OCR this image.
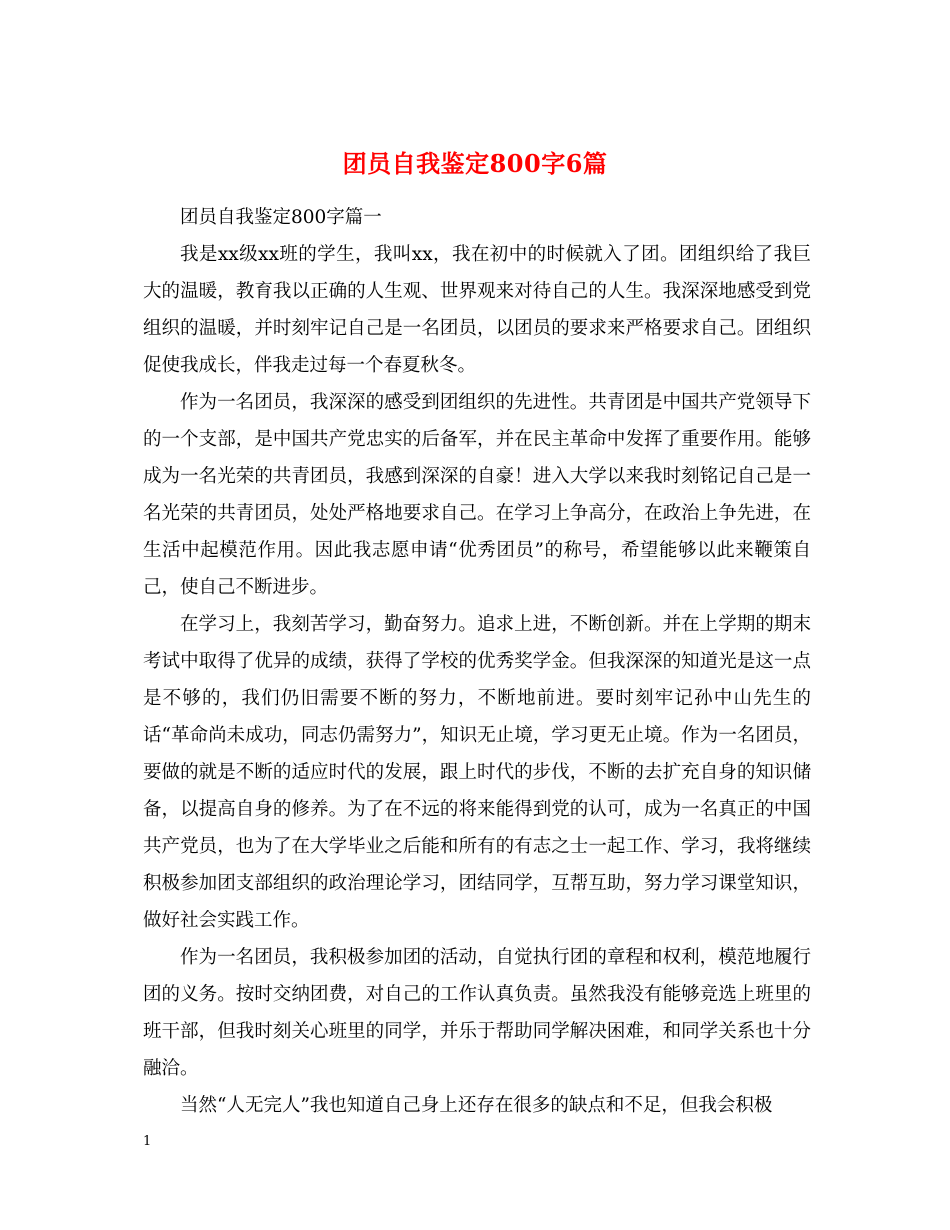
团员自我鉴定800字6篇

团员自我鉴定800字篇一

我是xx级xx班的学生，我叫xx，我在初中的时候就入了团。团组织给了我巨大的温暖，教育我以正确的人生观、世界观来对待自己的人生。我深深地感受到党组织的温暖，并时刻牢记自己是一名团员，以团员的要求来严格要求自己。团组织促使我成长，伴我走过每一个春夏秋冬。

作为一名团员，我深深的感受到团组织的先进性。共青团是中国共产党领导下的一个支部，是中国共产党忠实的后备军，并在民主革命中发挥了重要作用。能够成为一名光荣的共青团员，我感到深深的自豪！进入大学以来我时刻铭记自己是一名光荣的共青团员，处处严格地要求自己。在学习上争高分，在政治上争先进，在生活中起模范作用。因此我志愿申请“优秀团员”的称号，希望能够以此来鞭策自己，使自己不断进步。

在学习上，我刻苦学习，勤奋努力。追求上进，不断创新。并在上学期的期末考试中取得了优异的成绩，获得了学校的优秀奖学金。但我深深的知道光是这一点是不够的，我们仍旧需要不断的努力，不断地前进。要时刻牢记孙中山先生的话“革命尚未成功，同志仍需努力”，知识无止境，学习更无止境。作为一名团员，要做的就是不断的适应时代的发展，跟上时代的步伐，不断的去扩充自身的知识储备，以提高自身的修养。为了在不远的将来能得到党的认可，成为一名真正的中国共产党员，也为了在大学毕业之后能和所有的有志之士一起工作、学习，我将继续积极参加团支部组织的政治理论学习，团结同学，互帮互助，努力学习课堂知识，做好社会实践工作。

作为一名团员，我积极参加团的活动，自觉执行团的章程和权利，模范地履行团的义务。按时交纳团费，对自己的工作认真负责。虽然我没有能够竞选上班里的班干部，但我时刻关心班里的同学，并乐于帮助同学解决困难，和同学关系也十分融洽。

当然“人无完人”我也知道自己身上还存在很多的缺点和不足，但我会积极

1
